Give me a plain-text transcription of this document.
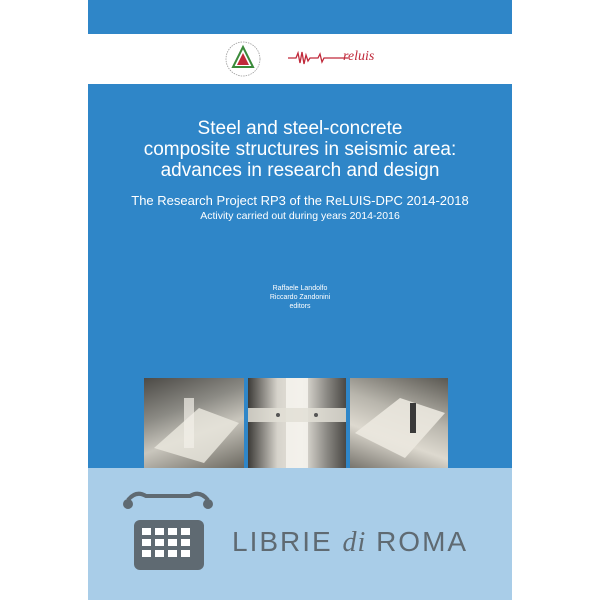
reluis
Steel and steel-concrete
composite structures in seismic area:
advances in research and design
The Research Project RP3 of the ReLUIS-DPC 2014-2018
Activity carried out during years 2014-2016
Raffaele Landolfo
Riccardo Zandonini
editors
LIBRIE di ROMA
